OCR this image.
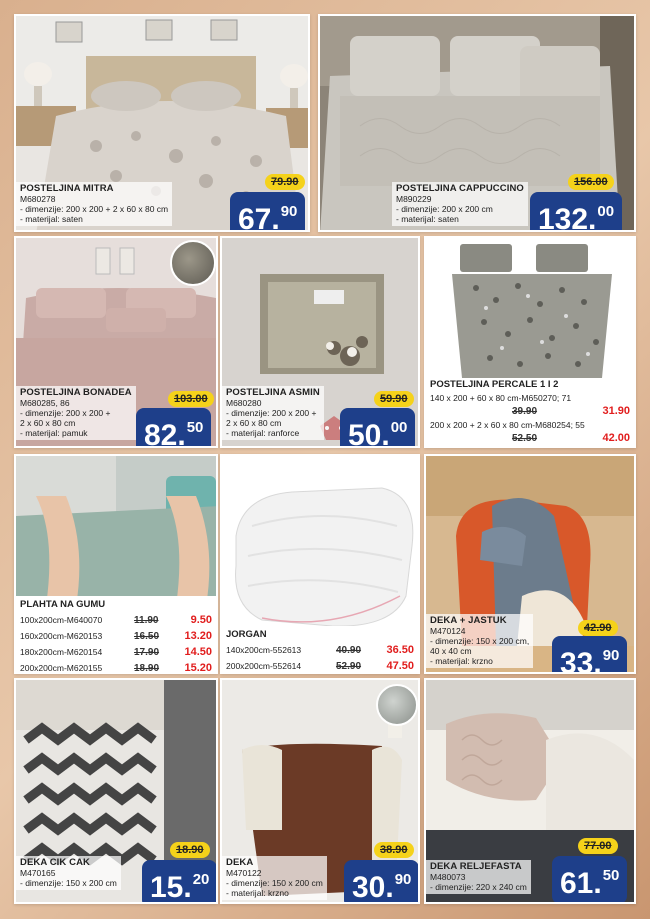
POSTELJINA MITRA
M680278
- dimenzije: 200 x 200 + 2 x 60 x 80 cm
- materijal: saten
79.90
67.90
POSTELJINA CAPPUCCINO
M890229
- dimenzije: 200 x 200 cm
- materijal: saten
156.00
132.00
POSTELJINA BONADEA
M680285, 86
- dimenzije: 200 x 200 +
2 x 60 x 80 cm
- materijal: pamuk
103.00
82.50
POSTELJINA ASMIN
M680280
- dimenzije: 200 x 200 +
2 x 60 x 80 cm
- materijal: ranforce
59.90
50.00
POSTELJINA PERCALE 1 I 2
140 x 200 + 60 x 80 cm-M650270; 71
39.90	31.90
200 x 200 + 2 x 60 x 80 cm-M680254; 55
52.50	42.00
PLAHTA NA GUMU
100x200cm-M640070	11.90	9.50
160x200cm-M620153	16.50	13.20
180x200cm-M620154	17.90	14.50
200x200cm-M620155	18.90	15.20
JORGAN
140x200cm-552613	40.90	36.50
200x200cm-552614	52.90	47.50
DEKA + JASTUK
M470124
- dimenzije: 150 x 200 cm,
40 x 40 cm
- materijal: krzno
42.90
33.90
DEKA CIK CAK
M470165
- dimenzije: 150 x 200 cm
18.90
15.20
DEKA
M470122
- dimenzije: 150 x 200 cm
- materijal: krzno
38.90
30.90
DEKA RELJEFASTA
M480073
- dimenzije: 220 x 240 cm
77.00
61.50
